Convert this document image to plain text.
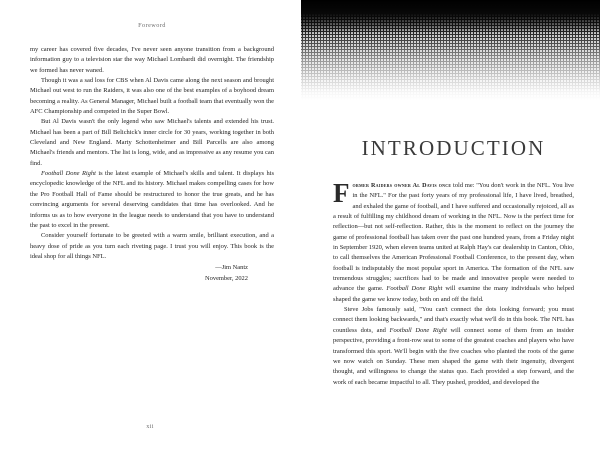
Foreword

my career has covered five decades, I've never seen anyone transition from a background information guy to a television star the way Michael Lombardi did overnight. The friendship we formed has never waned.

Though it was a sad loss for CBS when Al Davis came along the next season and brought Michael out west to run the Raiders, it was also one of the best examples of a boyhood dream becoming a reality. As General Manager, Michael built a football team that eventually won the AFC Championship and competed in the Super Bowl.

But Al Davis wasn't the only legend who saw Michael's talents and extended his trust. Michael has been a part of Bill Belichick's inner circle for 30 years, working together in both Cleveland and New England. Marty Schottenheimer and Bill Parcells are also among Michael's friends and mentors. The list is long, wide, and as impressive as any resume you can find.

Football Done Right is the latest example of Michael's skills and talent. It displays his encyclopedic knowledge of the NFL and its history. Michael makes compelling cases for how the Pro Football Hall of Fame should be restructured to honor the true greats, and he has convincing arguments for several deserving candidates that time has overlooked. And he informs us as to how everyone in the league needs to understand that you have to understand the past to excel in the present.

Consider yourself fortunate to be greeted with a warm smile, brilliant execution, and a heavy dose of pride as you turn each riveting page. I trust you will enjoy. This book is the ideal shop for all things NFL.

—Jim Nantz
November, 2022
xii
INTRODUCTION

Former Raiders owner Al Davis once told me: "You don't work in the NFL. You live in the NFL." For the past forty years of my professional life, I have lived, breathed, and exhaled the game of football, and I have suffered and occasionally rejoiced, all as a result of fulfilling my childhood dream of working in the NFL. Now is the perfect time for reflection—but not self-reflection. Rather, this is the moment to reflect on the journey the game of professional football has taken over the past one hundred years, from a Friday night in September 1920, when eleven teams united at Ralph Hay's car dealership in Canton, Ohio, to call themselves the American Professional Football Conference, to the present day, when football is indisputably the most popular sport in America. The formation of the NFL saw tremendous struggles; sacrifices had to be made and innovative people were needed to advance the game. Football Done Right will examine the many individuals who helped shaped the game we know today, both on and off the field.

Steve Jobs famously said, "You can't connect the dots looking forward; you must connect them looking backwards," and that's exactly what we'll do in this book. The NFL has countless dots, and Football Done Right will connect some of them from an insider perspective, providing a front-row seat to some of the greatest coaches and players who have transformed this sport. We'll begin with the five coaches who planted the roots of the game we now watch on Sunday. These men shaped the game with their ingenuity, divergent thought, and willingness to change the status quo. Each provided a step forward, and the work of each became impactful to all. They pushed, prodded, and developed the
